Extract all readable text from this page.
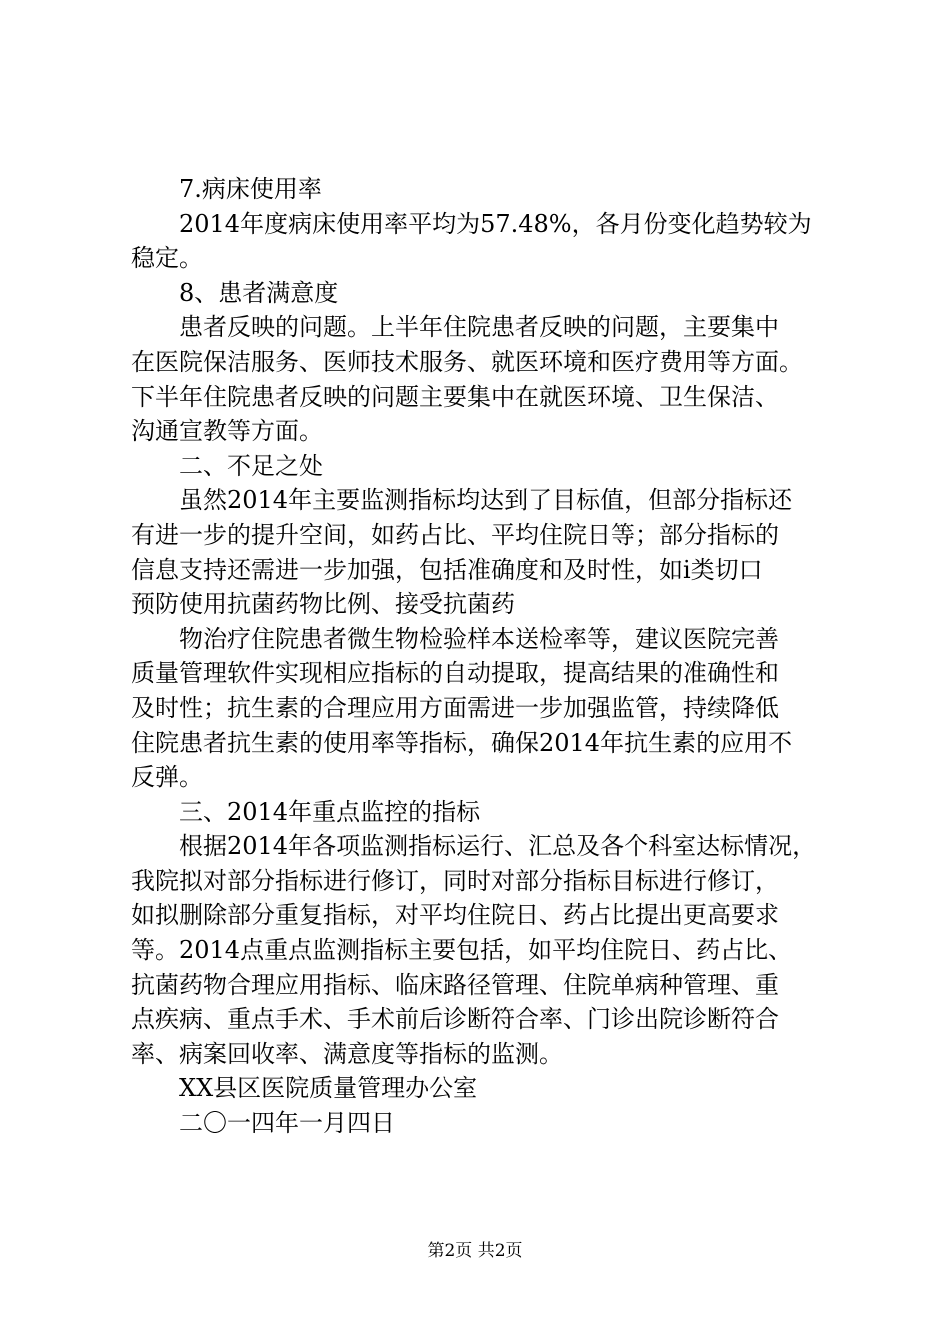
7.病床使用率
2014年度病床使用率平均为57.48%，各月份变化趋势较为
稳定。
8、患者满意度
患者反映的问题。上半年住院患者反映的问题，主要集中
在医院保洁服务、医师技术服务、就医环境和医疗费用等方面。
下半年住院患者反映的问题主要集中在就医环境、卫生保洁、
沟通宣教等方面。
二、不足之处
虽然2014年主要监测指标均达到了目标值，但部分指标还
有进一步的提升空间，如药占比、平均住院日等；部分指标的
信息支持还需进一步加强，包括准确度和及时性，如i类切口
预防使用抗菌药物比例、接受抗菌药
物治疗住院患者微生物检验样本送检率等，建议医院完善
质量管理软件实现相应指标的自动提取，提高结果的准确性和
及时性；抗生素的合理应用方面需进一步加强监管，持续降低
住院患者抗生素的使用率等指标，确保2014年抗生素的应用不
反弹。
三、2014年重点监控的指标
根据2014年各项监测指标运行、汇总及各个科室达标情况，
我院拟对部分指标进行修订，同时对部分指标目标进行修订，
如拟删除部分重复指标，对平均住院日、药占比提出更高要求
等。2014点重点监测指标主要包括，如平均住院日、药占比、
抗菌药物合理应用指标、临床路径管理、住院单病种管理、重
点疾病、重点手术、手术前后诊断符合率、门诊出院诊断符合
率、病案回收率、满意度等指标的监测。
XX县区医院质量管理办公室
二〇一四年一月四日
第2页 共2页
